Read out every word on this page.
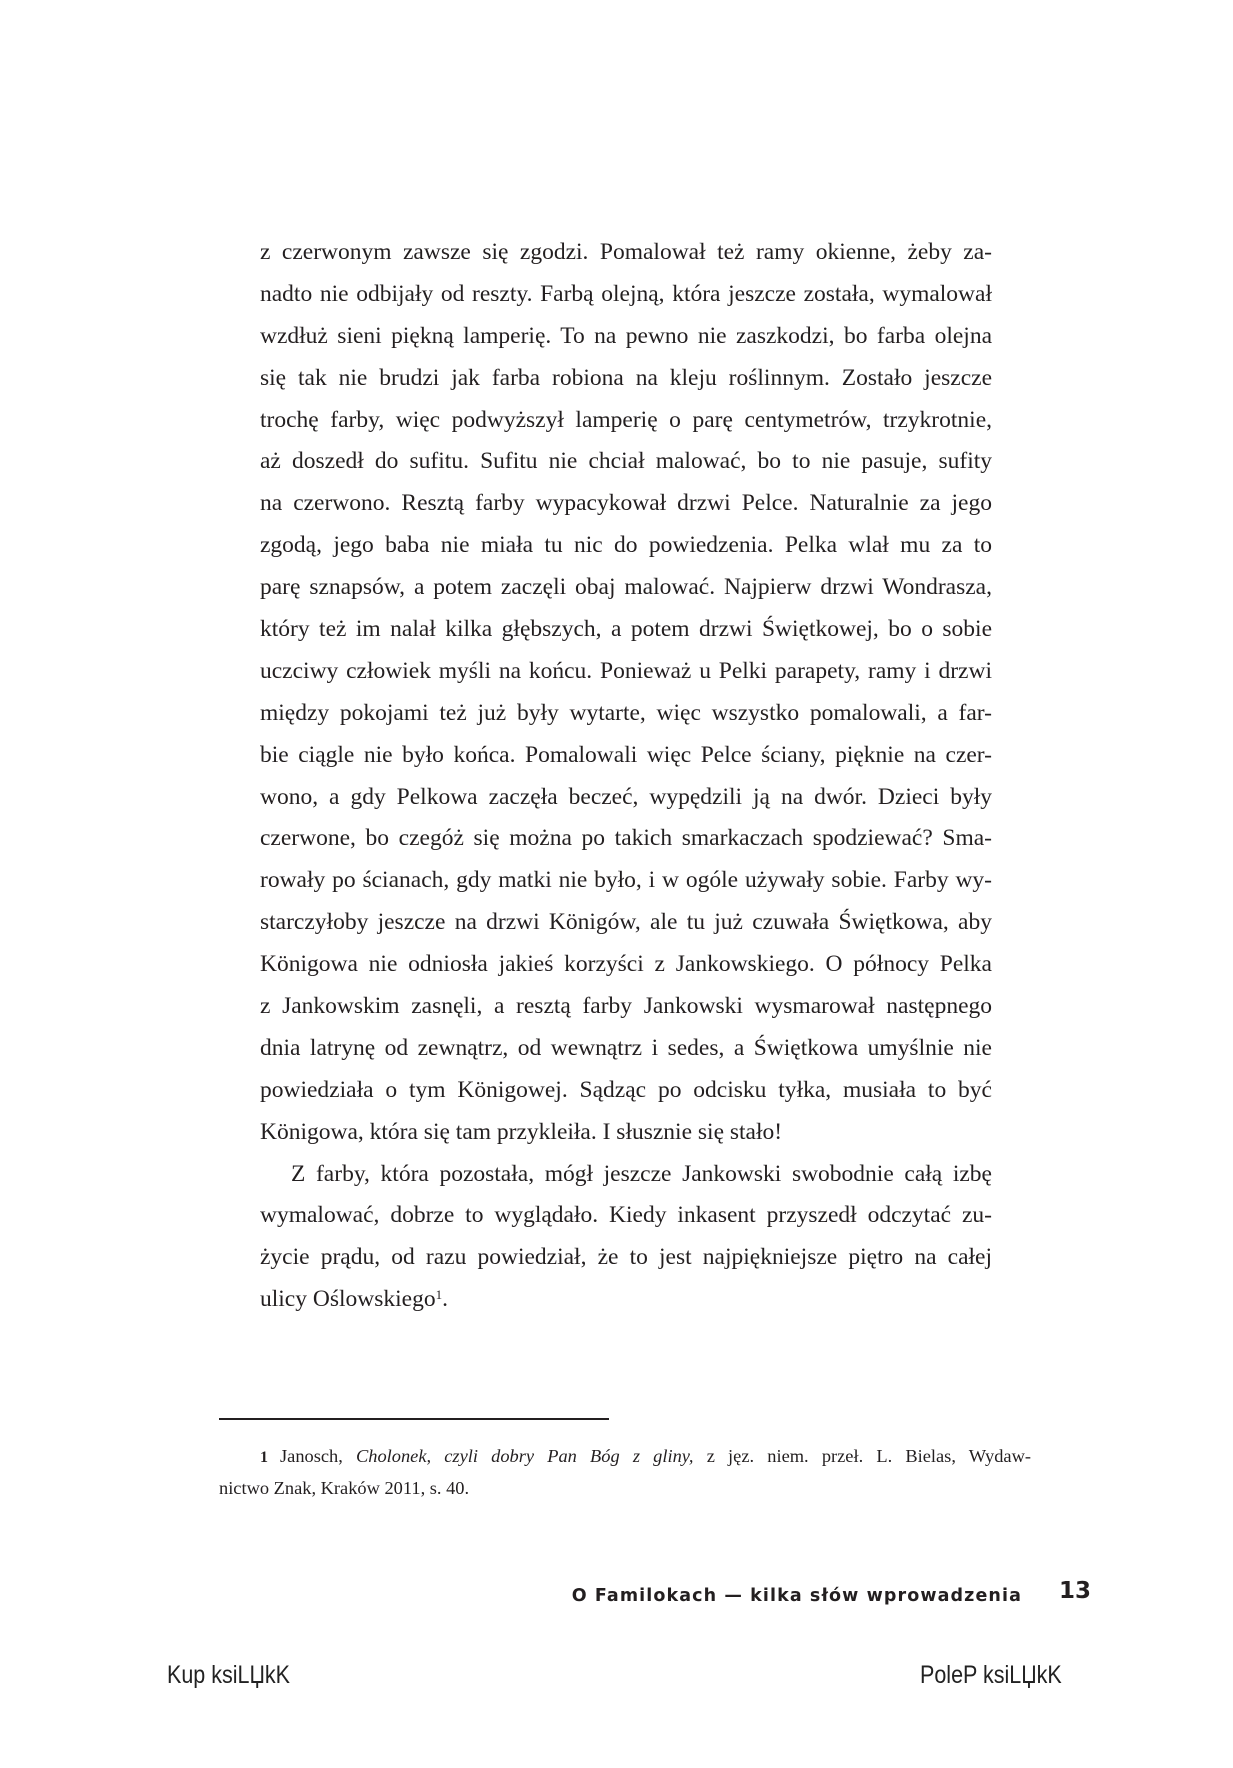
z czerwonym zawsze się zgodzi. Pomalował też ramy okienne, żeby za-
nadto nie odbijały od reszty. Farbą olejną, która jeszcze została, wymalował
wzdłuż sieni piękną lamperię. To na pewno nie zaszkodzi, bo farba olejna
się tak nie brudzi jak farba robiona na kleju roślinnym. Zostało jeszcze
trochę farby, więc podwyższył lamperię o parę centymetrów, trzykrotnie,
aż doszedł do sufitu. Sufitu nie chciał malować, bo to nie pasuje, sufity
na czerwono. Resztą farby wypacykował drzwi Pelce. Naturalnie za jego
zgodą, jego baba nie miała tu nic do powiedzenia. Pelka wlał mu za to
parę sznapsów, a potem zaczęli obaj malować. Najpierw drzwi Wondrasza,
który też im nalał kilka głębszych, a potem drzwi Świętkowej, bo o sobie
uczciwy człowiek myśli na końcu. Ponieważ u Pelki parapety, ramy i drzwi
między pokojami też już były wytarte, więc wszystko pomalowali, a far-
bie ciągle nie było końca. Pomalowali więc Pelce ściany, pięknie na czer-
wono, a gdy Pelkowa zaczęła beczeć, wypędzili ją na dwór. Dzieci były
czerwone, bo czegóż się można po takich smarkaczach spodziewać? Sma-
rowały po ścianach, gdy matki nie było, i w ogóle używały sobie. Farby wy-
starczyłoby jeszcze na drzwi Königów, ale tu już czuwała Świętkowa, aby
Königowa nie odniosła jakieś korzyści z Jankowskiego. O północy Pelka
z Jankowskim zasnęli, a resztą farby Jankowski wysmarował następnego
dnia latrynę od zewnątrz, od wewnątrz i sedes, a Świętkowa umyślnie nie
powiedziała o tym Königowej. Sądząc po odcisku tyłka, musiała to być
Königowa, która się tam przykleiła. I słusznie się stało!
Z farby, która pozostała, mógł jeszcze Jankowski swobodnie całą izbę
wymalować, dobrze to wyglądało. Kiedy inkasent przyszedł odczytać zu-
życie prądu, od razu powiedział, że to jest najpiękniejsze piętro na całej
ulicy Oślowskiego$^1$.
1 Janosch, Cholonek, czyli dobry Pan Bóg z gliny, z jęz. niem. przeł. L. Bielas, Wydaw-
nictwo Znak, Kraków 2011, s. 40.
O Familokach — kilka słów wprowadzenia 13
Kup ksiLЏkK	PoleP ksiLЏkK
